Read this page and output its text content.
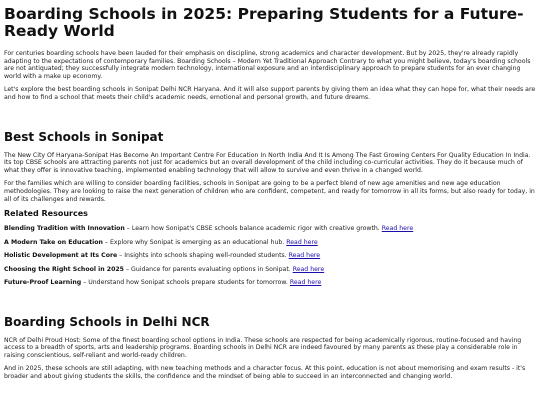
Boarding Schools in 2025: Preparing Students for a Future-Ready World

For centuries boarding schools have been lauded for their emphasis on discipline, strong academics and character development. But by 2025, they're already rapidly adapting to the expectations of contemporary families. Boarding Schools – Modern Yet Traditional Approach Contrary to what you might believe, today's boarding schools are not antiquated; they successfully integrate modern technology, international exposure and an interdisciplinary approach to prepare students for an ever changing world with a make up economy.

Let's explore the best boarding schools in Sonipat Delhi NCR Haryana. And it will also support parents by giving them an idea what they can hope for, what their needs are and how to find a school that meets their child's academic needs, emotional and personal growth, and future dreams.

Best Schools in Sonipat

The New City Of Haryana-Sonipat Has Become An Important Centre For Education In North India And It Is Among The Fast Growing Centers For Quality Education In India. Its top CBSE schools are attracting parents not just for academics but an overall development of the child including co-curricular activities. They do it because much of what they offer is innovative teaching, implemented enabling technology that will allow to survive and even thrive in a changed world.

For the families which are willing to consider boarding facilities, schools in Sonipat are going to be a perfect blend of new age amenities and new age education methodologies. They are looking to raise the next generation of children who are confident, competent, and ready for tomorrow in all its forms, but also ready for today, in all of its challenges and rewards.

Related Resources
Blending Tradition with Innovation – Learn how Sonipat's CBSE schools balance academic rigor with creative growth. Read here
A Modern Take on Education – Explore why Sonipat is emerging as an educational hub. Read here
Holistic Development at Its Core – Insights into schools shaping well-rounded students. Read here
Choosing the Right School in 2025 – Guidance for parents evaluating options in Sonipat. Read here
Future-Proof Learning – Understand how Sonipat schools prepare students for tomorrow. Read here
Boarding Schools in Delhi NCR

NCR of Delhi Proud Host: Some of the finest boarding school options in India. These schools are respected for being academically rigorous, routine-focused and having access to a breadth of sports, arts and leadership programs. Boarding schools in Delhi NCR are indeed favoured by many parents as these play a considerable role in raising conscientious, self-reliant and world-ready children.

And in 2025, these schools are still adapting, with new teaching methods and a character focus. At this point, education is not about memorising and exam results - it's broader and about giving students the skills, the confidence and the mindset of being able to succeed in an interconnected and changing world.
